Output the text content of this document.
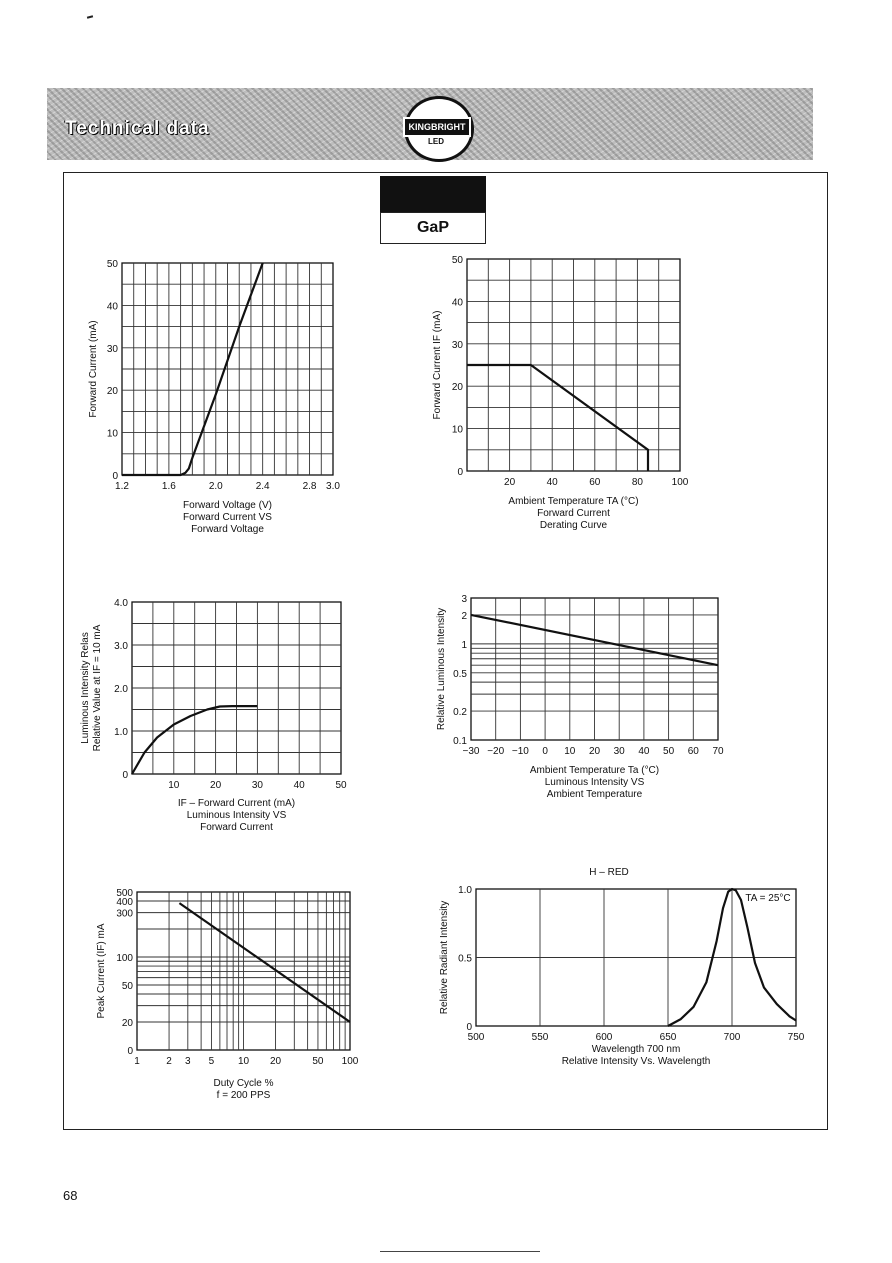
Technical data	KINGBRIGHT
LED
GaP
1.2	1.6	2.0	2.4	2.8 3.0
0
10
20
30
40
50
Forward Current (mA)
Forward Voltage (V)
Forward Current VS
Forward Voltage
20	40	60	80	100
0
10
20
30
40
50
Forward Current IF (mA)
Ambient Temperature TA (°C)
Forward Current
Derating Curve
10	20	30	40	50
0
1.0
2.0
3.0
4.0
Luminous Intensity RelasRelative Value at IF = 10 mA
IF – Forward Current (mA)
Luminous Intensity VS
Forward Current
−30 −20 −10 0 10 20 30 40 50 60 70
0.1
0.2
0.5
1
2
3
Relative Luminous Intensity
Ambient Temperature Ta (°C)
Luminous Intensity VS
Ambient Temperature
1	2 3 5 10 20	50 100
0
20
50
100
300
400
500
Peak Current (IF) mA
Duty Cycle %
f = 200 PPS
500	550	600	650	700	750
0
0.5
1.0
Relative Radiant Intensity
Wavelength 700 nm
Relative Intensity Vs. Wavelength
H – RED
TA = 25°C
68
